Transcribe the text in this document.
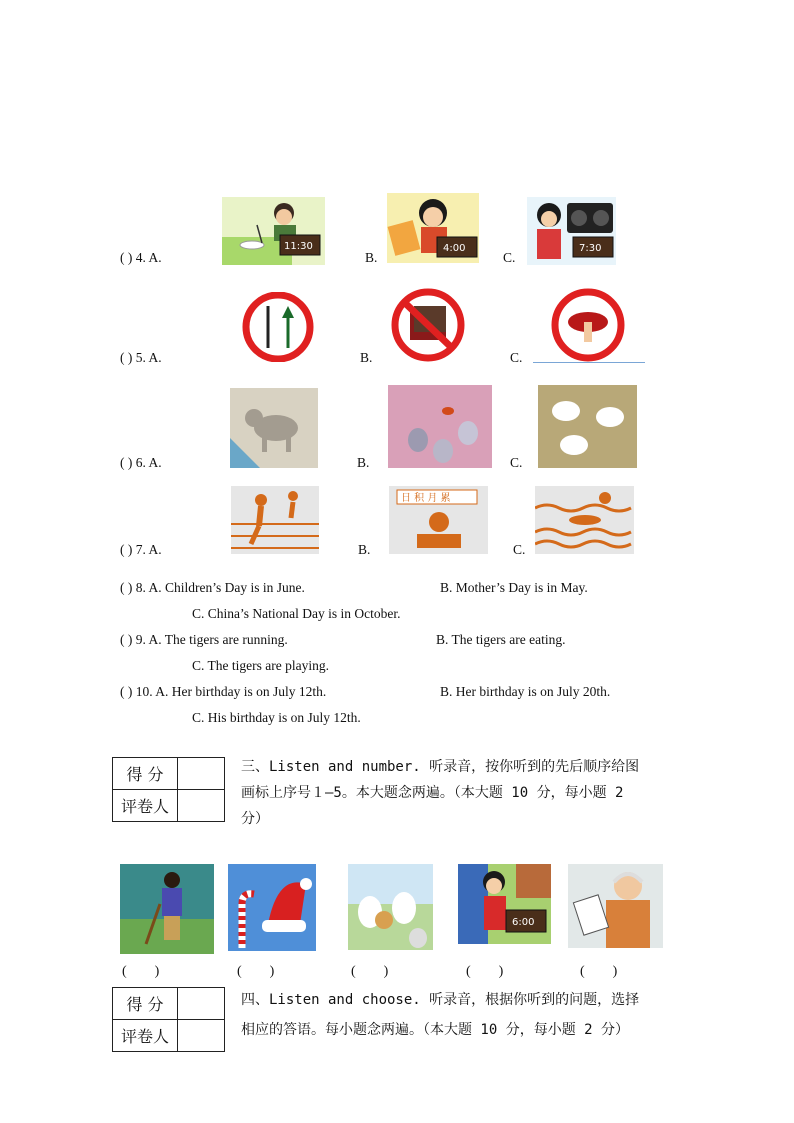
( ) 4. A.
11:30
B.
4:00
C.
7:30
( ) 5. A.	B.	C.
( ) 6. A.	B.	C.
( ) 7. A.	B.
日 积 月 累
C.
( ) 8. A. Children’s Day is in June.	B. Mother’s Day is in May.
C. China’s National Day is in October.
( ) 9. A. The tigers are running.	B. The tigers are eating.
C. The tigers are playing.
( ) 10. A. Her birthday is on July 12th.	B. Her birthday is on July 20th.
C. His birthday is on July 12th.
得 分	
评卷人	
三、Listen and number. 听录音，按你听到的先后顺序给图
画标上序号１—5。本大题念两遍。（本大题 10 分，每小题 2
分）
6:00
(        )	(        )	(        )	(        )	(        )
得 分	
评卷人	
四、Listen and choose. 听录音，根据你听到的问题，选择
相应的答语。每小题念两遍。（本大题 10 分，每小题 2 分）
